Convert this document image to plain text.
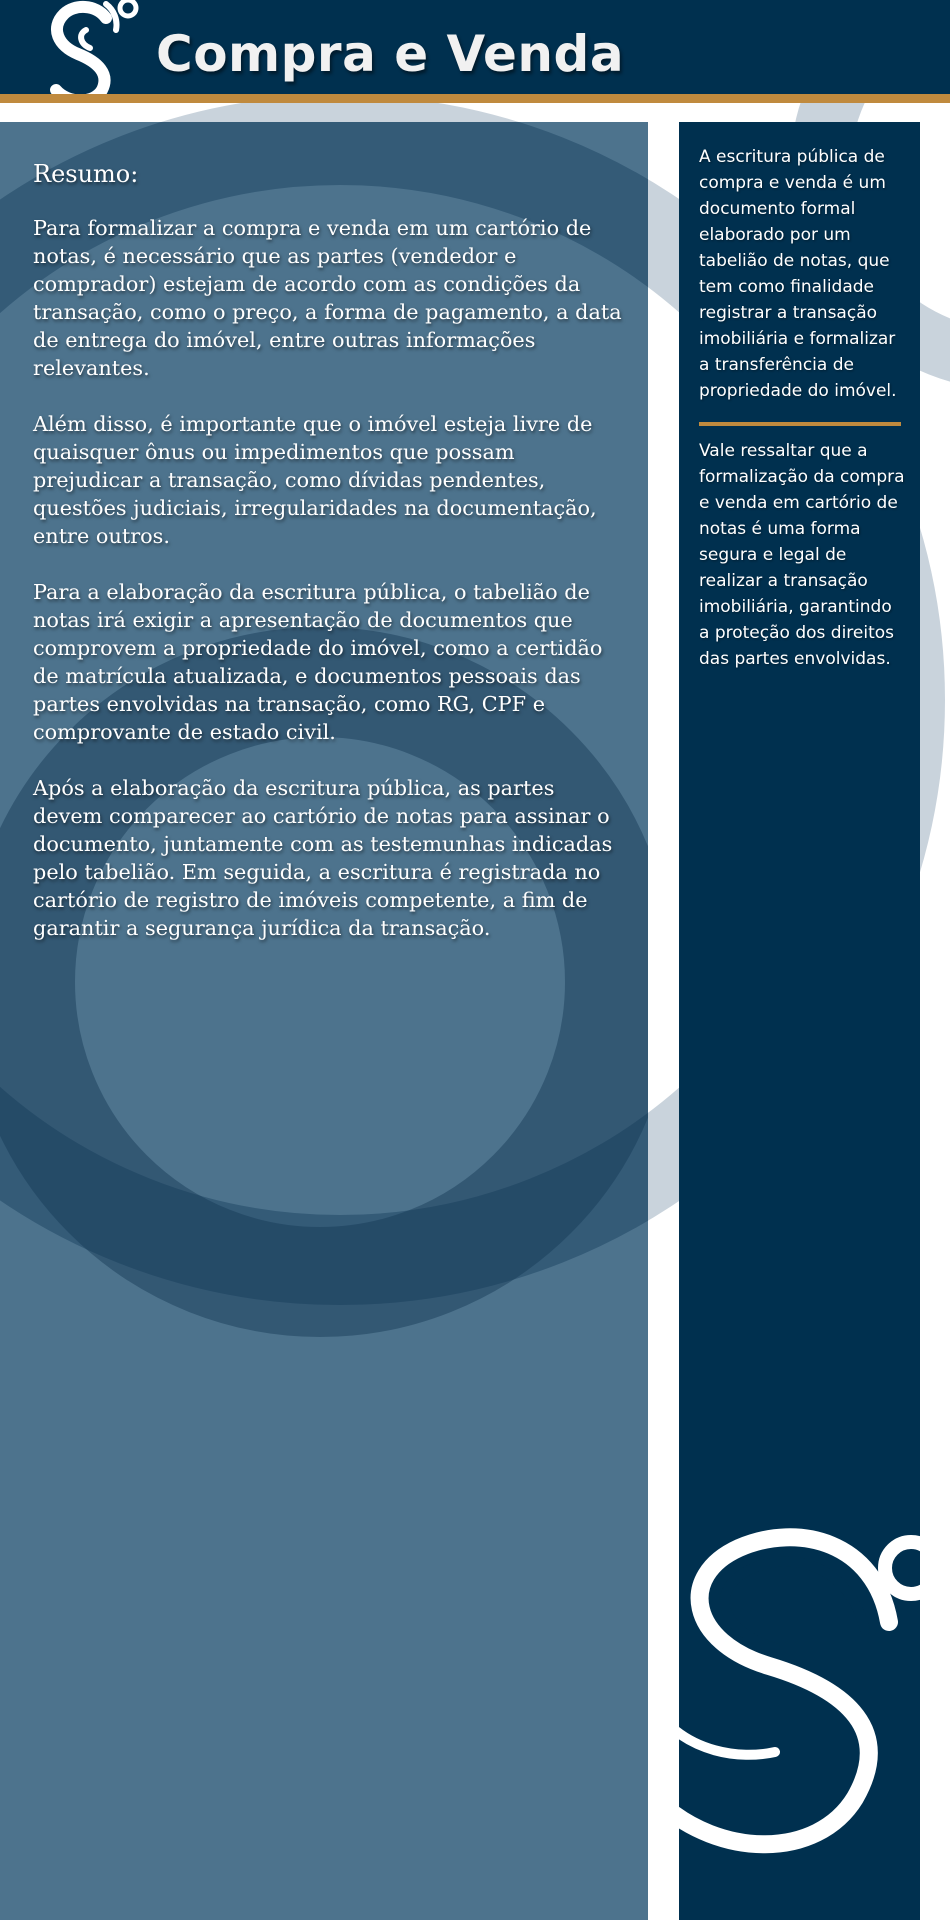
Compra e Venda
Resumo:

Para formalizar a compra e venda em um cartório de notas, é necessário que as partes (vendedor e comprador) estejam de acordo com as condições da transação, como o preço, a forma de pagamento, a data de entrega do imóvel, entre outras informações relevantes.

Além disso, é importante que o imóvel esteja livre de quaisquer ônus ou impedimentos que possam prejudicar a transação, como dívidas pendentes, questões judiciais, irregularidades na documentação, entre outros.

Para a elaboração da escritura pública, o tabelião de notas irá exigir a apresentação de documentos que comprovem a propriedade do imóvel, como a certidão de matrícula atualizada, e documentos pessoais das partes envolvidas na transação, como RG, CPF e comprovante de estado civil.

Após a elaboração da escritura pública, as partes devem comparecer ao cartório de notas para assinar o documento, juntamente com as testemunhas indicadas pelo tabelião. Em seguida, a escritura é registrada no cartório de registro de imóveis competente, a fim de garantir a segurança jurídica da transação.

A escritura pública de compra e venda é um documento formal elaborado por um tabelião de notas, que tem como finalidade registrar a transação imobiliária e formalizar a transferência de propriedade do imóvel.

Vale ressaltar que a formalização da compra e venda em cartório de notas é uma forma segura e legal de realizar a transação imobiliária, garantindo a proteção dos direitos das partes envolvidas.
